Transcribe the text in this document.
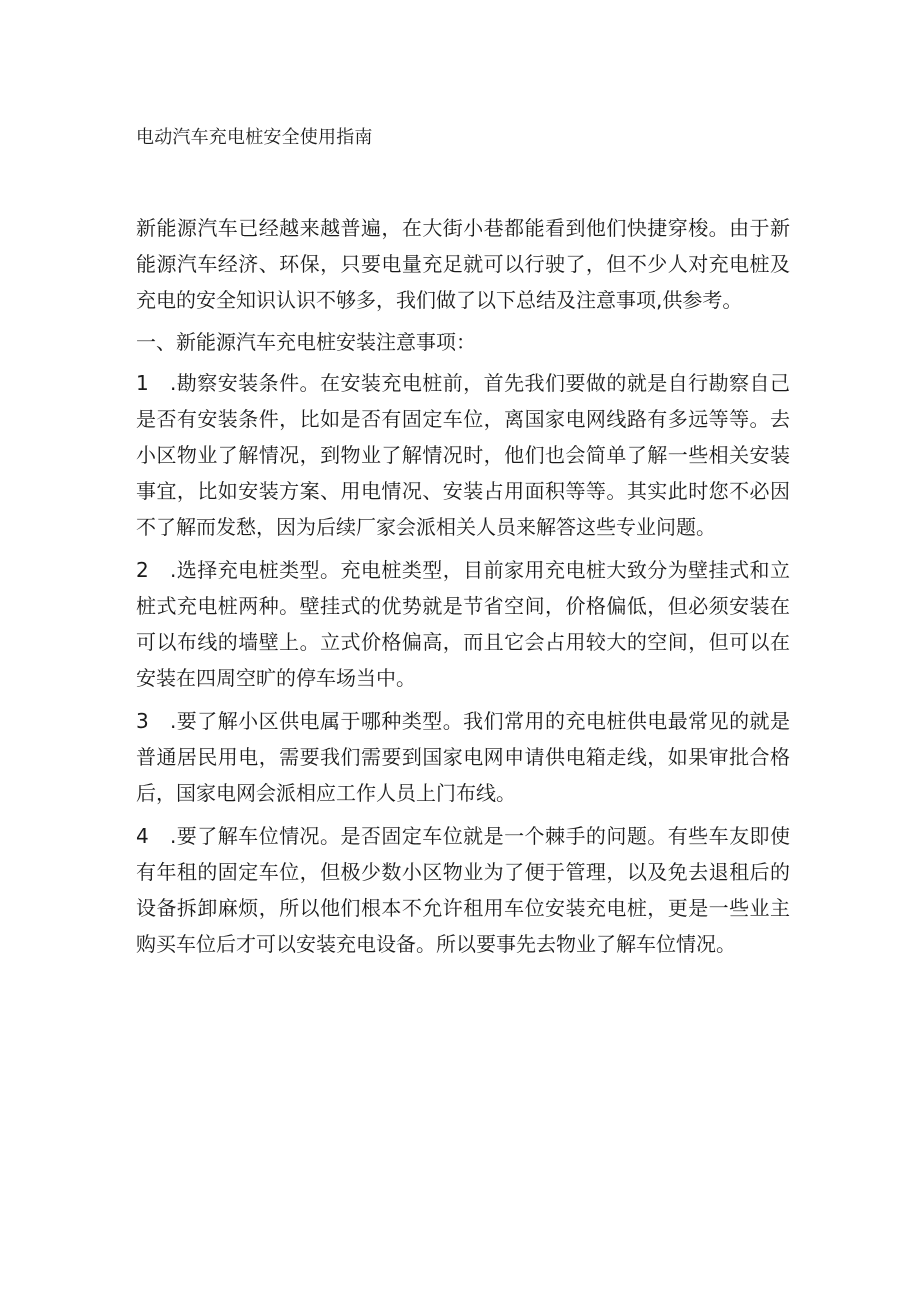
电动汽车充电桩安全使用指南

新能源汽车已经越来越普遍，在大街小巷都能看到他们快捷穿梭。由于新能源汽车经济、环保，只要电量充足就可以行驶了，但不少人对充电桩及充电的安全知识认识不够多，我们做了以下总结及注意事项,供参考。

一、新能源汽车充电桩安装注意事项：

1 .勘察安装条件。在安装充电桩前，首先我们要做的就是自行勘察自己是否有安装条件，比如是否有固定车位，离国家电网线路有多远等等。去小区物业了解情况，到物业了解情况时，他们也会简单了解一些相关安装事宜，比如安装方案、用电情况、安装占用面积等等。其实此时您不必因不了解而发愁，因为后续厂家会派相关人员来解答这些专业问题。

2 .选择充电桩类型。充电桩类型，目前家用充电桩大致分为壁挂式和立桩式充电桩两种。壁挂式的优势就是节省空间，价格偏低，但必须安装在可以布线的墙壁上。立式价格偏高，而且它会占用较大的空间，但可以在安装在四周空旷的停车场当中。

3 .要了解小区供电属于哪种类型。我们常用的充电桩供电最常见的就是普通居民用电，需要我们需要到国家电网申请供电箱走线，如果审批合格后，国家电网会派相应工作人员上门布线。

4 .要了解车位情况。是否固定车位就是一个棘手的问题。有些车友即使有年租的固定车位，但极少数小区物业为了便于管理，以及免去退租后的设备拆卸麻烦，所以他们根本不允许租用车位安装充电桩，更是一些业主购买车位后才可以安装充电设备。所以要事先去物业了解车位情况。
